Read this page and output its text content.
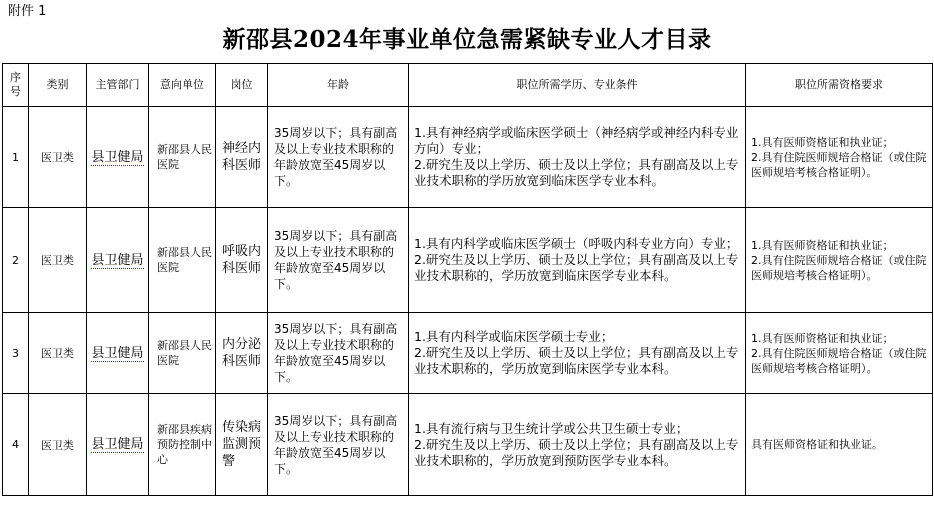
附件 1
新邵县2024年事业单位急需紧缺专业人才目录
序号	类别	主管部门	意向单位	岗位	年龄	职位所需学历、专业条件	职位所需资格要求
1	医卫类	县卫健局	新邵县人民医院	神经内科医师	35周岁以下；具有副高及以上专业技术职称的年龄放宽至45周岁以下。	1.具有神经病学或临床医学硕士（神经病学或神经内科专业方向）专业；
2.研究生及以上学历、硕士及以上学位；具有副高及以上专业技术职称的学历放宽到临床医学专业本科。	1.具有医师资格证和执业证；
2.具有住院医师规培合格证（或住院医师规培考核合格证明）。

2	医卫类	县卫健局	新邵县人民医院	呼吸内科医师	35周岁以下；具有副高及以上专业技术职称的年龄放宽至45周岁以下。	1.具有内科学或临床医学硕士（呼吸内科专业方向）专业；
2.研究生及以上学历、硕士及以上学位；具有副高及以上专业技术职称的，学历放宽到临床医学专业本科。	1.具有医师资格证和执业证；
2.具有住院医师规培合格证（或住院医师规培考核合格证明）。

3	医卫类	县卫健局	新邵县人民医院	内分泌科医师	35周岁以下；具有副高及以上专业技术职称的年龄放宽至45周岁以下。	1.具有内科学或临床医学硕士专业；
2.研究生及以上学历、硕士及以上学位；具有副高及以上专业技术职称的，学历放宽到临床医学专业本科。	1.具有医师资格证和执业证；
2.具有住院医师规培合格证（或住院医师规培考核合格证明）。

4	医卫类	县卫健局	新邵县疾病预防控制中心	传染病监测预警	35周岁以下；具有副高及以上专业技术职称的年龄放宽至45周岁以下。	1.具有流行病与卫生统计学或公共卫生硕士专业；
2.研究生及以上学历、硕士及以上学位；具有副高及以上专业技术职称的，学历放宽到预防医学专业本科。	具有医师资格证和执业证。
